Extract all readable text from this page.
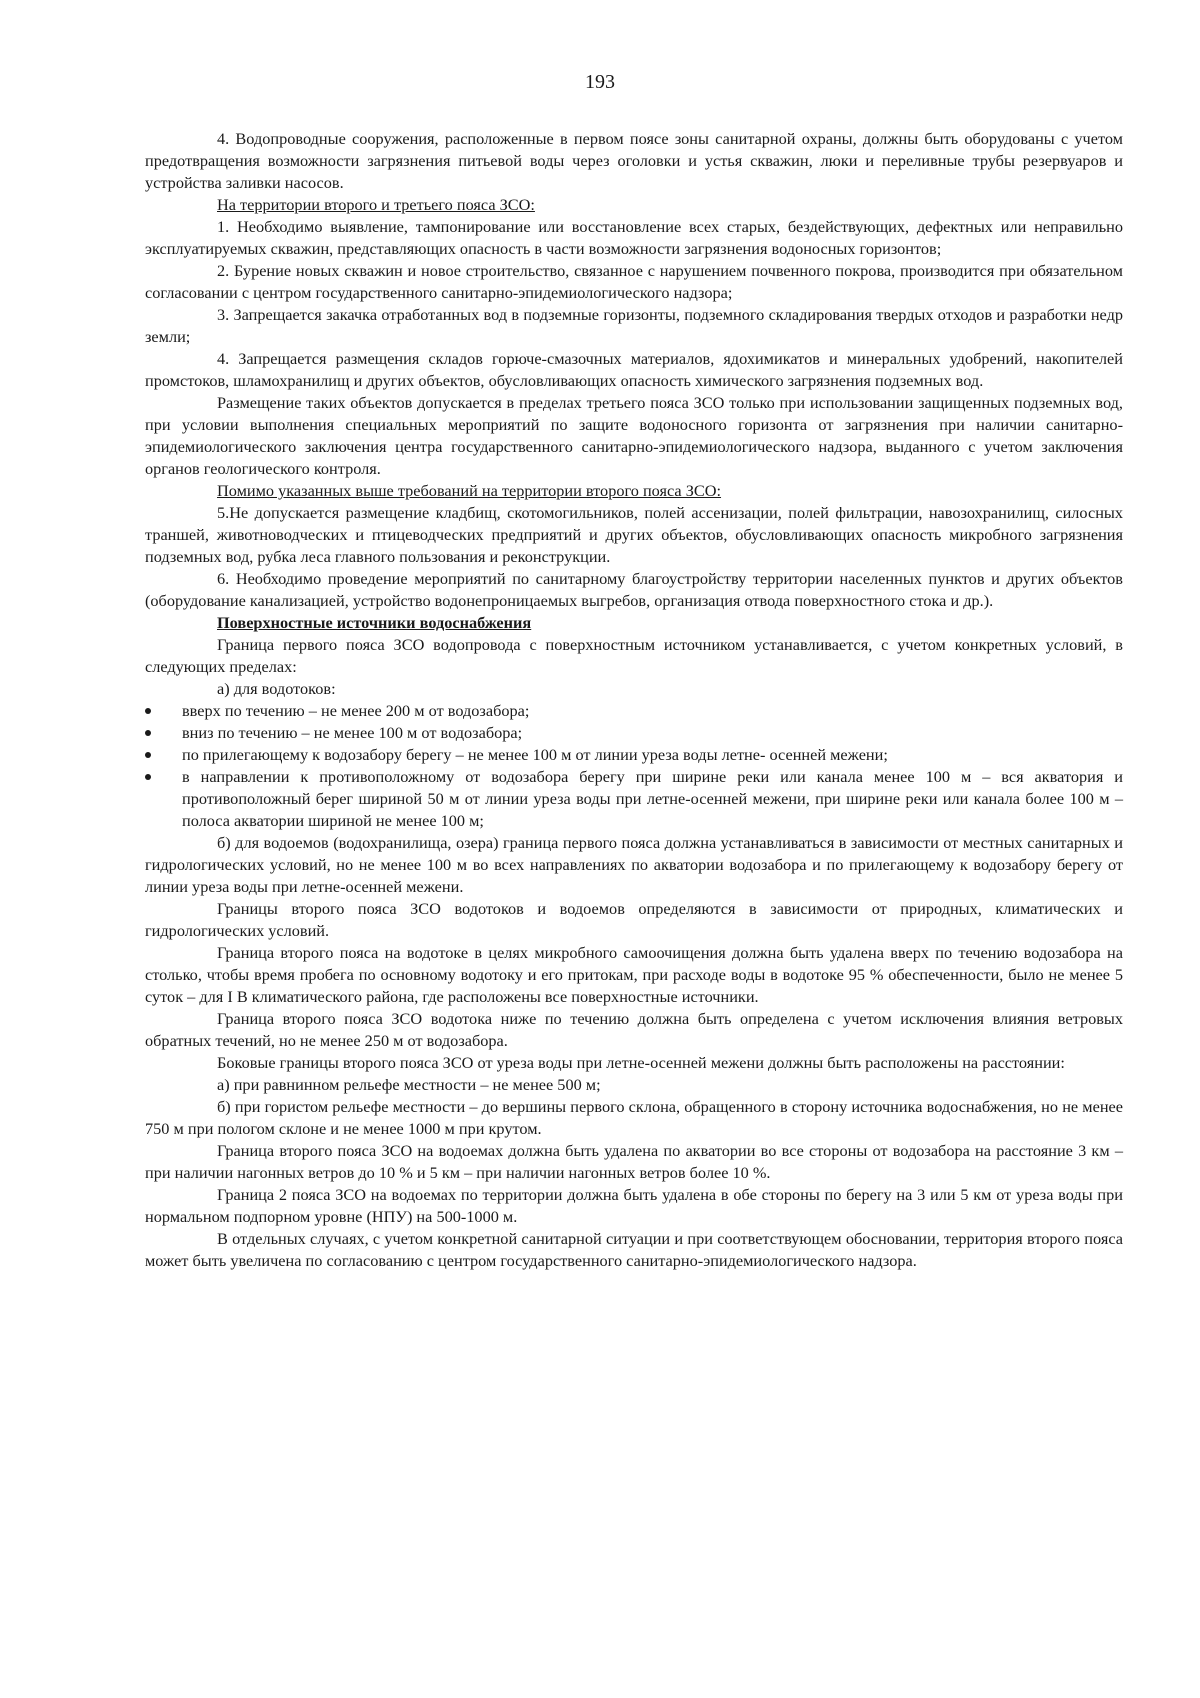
193

4. Водопроводные сооружения, расположенные в первом поясе зоны санитарной охраны, должны быть оборудованы с учетом предотвращения возможности загрязнения питьевой воды через оголовки и устья скважин, люки и переливные трубы резервуаров и устройства заливки насосов.

На территории второго и третьего пояса ЗСО:

1. Необходимо выявление, тампонирование или восстановление всех старых, бездействующих, дефектных или неправильно эксплуатируемых скважин, представляющих опасность в части возможности загрязнения водоносных горизонтов;

2. Бурение новых скважин и новое строительство, связанное с нарушением почвенного покрова, производится при обязательном согласовании с центром государственного санитарно-эпидемиологического надзора;

3. Запрещается закачка отработанных вод в подземные горизонты, подземного складирования твердых отходов и разработки недр земли;

4. Запрещается размещения складов горюче-смазочных материалов, ядохимикатов и минеральных удобрений, накопителей промстоков, шламохранилищ и других объектов, обусловливающих опасность химического загрязнения подземных вод.

Размещение таких объектов допускается в пределах третьего пояса ЗСО только при использовании защищенных подземных вод, при условии выполнения специальных мероприятий по защите водоносного горизонта от загрязнения при наличии санитарно-эпидемиологического заключения центра государственного санитарно-эпидемиологического надзора, выданного с учетом заключения органов геологического контроля.

Помимо указанных выше требований на территории второго пояса ЗСО:

5.Не допускается размещение кладбищ, скотомогильников, полей ассенизации, полей фильтрации, навозохранилищ, силосных траншей, животноводческих и птицеводческих предприятий и других объектов, обусловливающих опасность микробного загрязнения подземных вод, рубка леса главного пользования и реконструкции.

6. Необходимо проведение мероприятий по санитарному благоустройству территории населенных пунктов и других объектов (оборудование канализацией, устройство водонепроницаемых выгребов, организация отвода поверхностного стока и др.).

Поверхностные источники водоснабжения

Граница первого пояса ЗСО водопровода с поверхностным источником устанавливается, с учетом конкретных условий, в следующих пределах:

а) для водотоков:

вверх по течению – не менее 200 м от водозабора;
вниз по течению – не менее 100 м от водозабора;
по прилегающему к водозабору берегу – не менее 100 м от линии уреза воды летне- осенней межени;
в направлении к противоположному от водозабора берегу при ширине реки или канала менее 100 м – вся акватория и противоположный берег шириной 50 м от линии уреза воды при летне-осенней межени, при ширине реки или канала более 100 м – полоса акватории шириной не менее 100 м;

б) для водоемов (водохранилища, озера) граница первого пояса должна устанавливаться в зависимости от местных санитарных и гидрологических условий, но не менее 100 м во всех направлениях по акватории водозабора и по прилегающему к водозабору берегу от линии уреза воды при летне-осенней межени.

Границы второго пояса ЗСО водотоков и водоемов определяются в зависимости от природных, климатических и гидрологических условий.

Граница второго пояса на водотоке в целях микробного самоочищения должна быть удалена вверх по течению водозабора на столько, чтобы время пробега по основному водотоку и его притокам, при расходе воды в водотоке 95 % обеспеченности, было не менее 5 суток – для I В климатического района, где расположены все поверхностные источники.

Граница второго пояса ЗСО водотока ниже по течению должна быть определена с учетом исключения влияния ветровых обратных течений, но не менее 250 м от водозабора.

Боковые границы второго пояса ЗСО от уреза воды при летне-осенней межени должны быть расположены на расстоянии:

а) при равнинном рельефе местности – не менее 500 м;

б) при гористом рельефе местности – до вершины первого склона, обращенного в сторону источника водоснабжения, но не менее 750 м при пологом склоне и не менее 1000 м при крутом.

Граница второго пояса ЗСО на водоемах должна быть удалена по акватории во все стороны от водозабора на расстояние 3 км – при наличии нагонных ветров до 10 % и 5 км – при наличии нагонных ветров более 10 %.

Граница 2 пояса ЗСО на водоемах по территории должна быть удалена в обе стороны по берегу на 3 или 5 км от уреза воды при нормальном подпорном уровне (НПУ) на 500-1000 м.

В отдельных случаях, с учетом конкретной санитарной ситуации и при соответствующем обосновании, территория второго пояса может быть увеличена по согласованию с центром государственного санитарно-эпидемиологического надзора.
